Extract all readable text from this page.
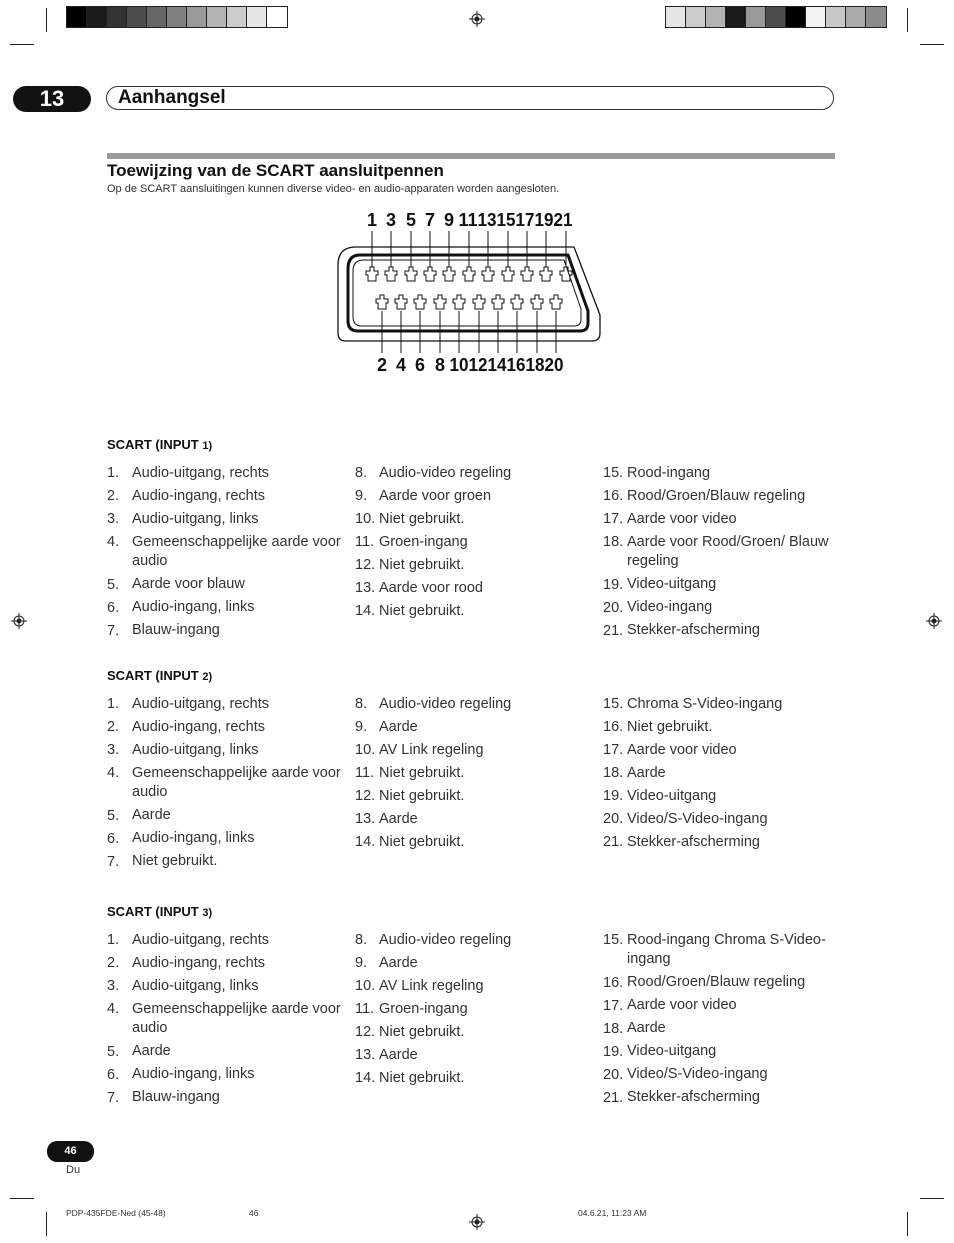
13	Aanhangsel
Toewijzing van de SCART aansluitpennen
Op de SCART aansluitingen kunnen diverse video- en audio-apparaten worden aangesloten.
1 3 5 7 9 11 13 15 17 19 21
2 4 6 8 10 12 14 16 18 20
SCART (INPUT 1)
1. Audio-uitgang, rechts
2. Audio-ingang, rechts
3. Audio-uitgang, links
4. Gemeenschappelijke aarde voor audio
5. Aarde voor blauw
6. Audio-ingang, links
7. Blauw-ingang
8. Audio-video regeling
9. Aarde voor groen
10. Niet gebruikt.
11. Groen-ingang
12. Niet gebruikt.
13. Aarde voor rood
14. Niet gebruikt.
15. Rood-ingang
16. Rood/Groen/Blauw regeling
17. Aarde voor video
18. Aarde voor Rood/Groen/ Blauw regeling
19. Video-uitgang
20. Video-ingang
21. Stekker-afscherming
SCART (INPUT 2)
1. Audio-uitgang, rechts
2. Audio-ingang, rechts
3. Audio-uitgang, links
4. Gemeenschappelijke aarde voor audio
5. Aarde
6. Audio-ingang, links
7. Niet gebruikt.
8. Audio-video regeling
9. Aarde
10. AV Link regeling
11. Niet gebruikt.
12. Niet gebruikt.
13. Aarde
14. Niet gebruikt.
15. Chroma S-Video-ingang
16. Niet gebruikt.
17. Aarde voor video
18. Aarde
19. Video-uitgang
20. Video/S-Video-ingang
21. Stekker-afscherming
SCART (INPUT 3)
1. Audio-uitgang, rechts
2. Audio-ingang, rechts
3. Audio-uitgang, links
4. Gemeenschappelijke aarde voor audio
5. Aarde
6. Audio-ingang, links
7. Blauw-ingang
8. Audio-video regeling
9. Aarde
10. AV Link regeling
11. Groen-ingang
12. Niet gebruikt.
13. Aarde
14. Niet gebruikt.
15. Rood-ingang Chroma S-Video-ingang
16. Rood/Groen/Blauw regeling
17. Aarde voor video
18. Aarde
19. Video-uitgang
20. Video/S-Video-ingang
21. Stekker-afscherming
46
Du
PDP-435FDE-Ned (45-48)	46	04.6.21, 11:23 AM
